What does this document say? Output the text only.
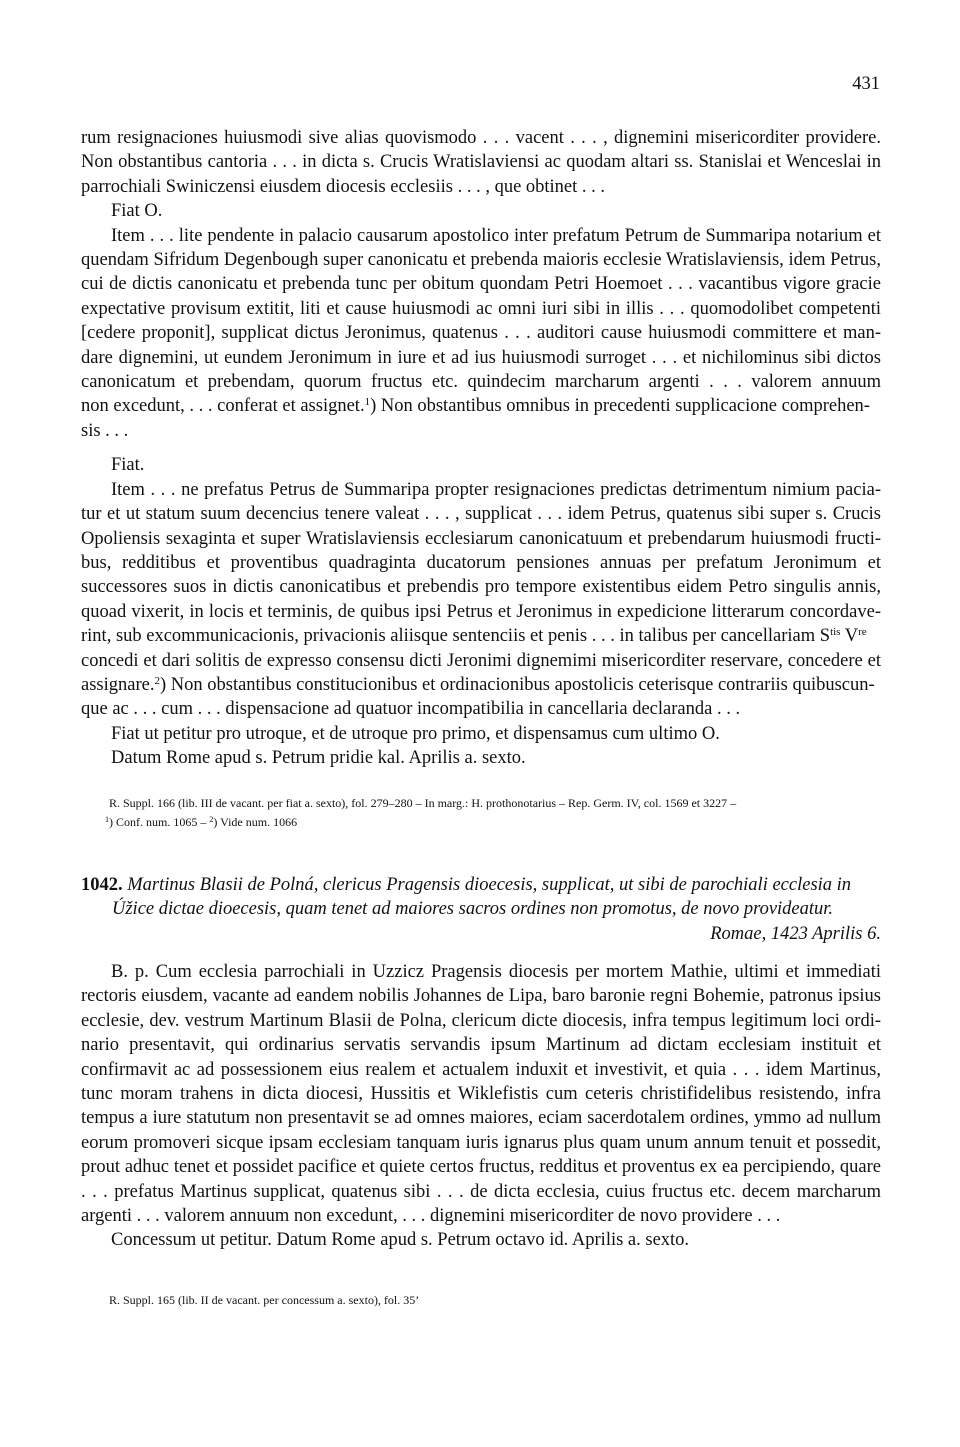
431
rum resignaciones huiusmodi sive alias quovismodo . . . vacent . . . , dignemini misericorditer providere.
Non obstantibus cantoria . . . in dicta s. Crucis Wratislaviensi ac quodam altari ss. Stanislai et Wenceslai in
parrochiali Swiniczensi eiusdem diocesis ecclesiis . . . , que obtinet . . .
Fiat O.
Item . . . lite pendente in palacio causarum apostolico inter prefatum Petrum de Summaripa notarium et
quendam Sifridum Degenbough super canonicatu et prebenda maioris ecclesie Wratislaviensis, idem Petrus,
cui de dictis canonicatu et prebenda tunc per obitum quondam Petri Hoemoet . . . vacantibus vigore gracie
expectative provisum extitit, liti et cause huiusmodi ac omni iuri sibi in illis . . . quomodolibet competenti
[cedere proponit], supplicat dictus Jeronimus, quatenus . . . auditori cause huiusmodi committere et man-
dare dignemini, ut eundem Jeronimum in iure et ad ius huiusmodi surroget . . . et nichilominus sibi dictos
canonicatum et prebendam, quorum fructus etc. quindecim marcharum argenti . . . valorem annuum
non excedunt, . . . conferat et assignet.$^1$) Non obstantibus omnibus in precedenti supplicacione comprehen-
sis . . .
Fiat.
Item . . . ne prefatus Petrus de Summaripa propter resignaciones predictas detrimentum nimium pacia-
tur et ut statum suum decencius tenere valeat . . . , supplicat . . . idem Petrus, quatenus sibi super s. Crucis
Opoliensis sexaginta et super Wratislaviensis ecclesiarum canonicatuum et prebendarum huiusmodi fructi-
bus, redditibus et proventibus quadraginta ducatorum pensiones annuas per prefatum Jeronimum et
successores suos in dictis canonicatibus et prebendis pro tempore existentibus eidem Petro singulis annis,
quoad vixerit, in locis et terminis, de quibus ipsi Petrus et Jeronimus in expedicione litterarum concordave-
rint, sub excommunicacionis, privacionis aliisque sentenciis et penis . . . in talibus per cancellariam $S^{tis}$ Vre
concedi et dari solitis de expresso consensu dicti Jeronimi dignemimi misericorditer reservare, concedere et
assignare.$^2$) Non obstantibus constitucionibus et ordinacionibus apostolicis ceterisque contrariis quibuscun-
que ac . . . cum . . . dispensacione ad quatuor incompatibilia in cancellaria declaranda . . .
Fiat ut petitur pro utroque, et de utroque pro primo, et dispensamus cum ultimo O.
Datum Rome apud s. Petrum pridie kal. Aprilis a. sexto.
R. Suppl. 166 (lib. III de vacant. per fiat a. sexto), fol. 279–280 – In marg.: H. prothonotarius – Rep. Germ. IV, col. 1569 et 3227 –
$^1$) Conf. num. 1065 – $^2$) Vide num. 1066
1042. Martinus Blasii de Polná, clericus Pragensis dioecesis, supplicat, ut sibi de parochiali ecclesia in
Úžice dictae dioecesis, quam tenet ad maiores sacros ordines non promotus, de novo provideatur.
Romae, 1423 Aprilis 6.
B. p. Cum ecclesia parrochiali in Uzzicz Pragensis diocesis per mortem Mathie, ultimi et immediati
rectoris eiusdem, vacante ad eandem nobilis Johannes de Lipa, baro baronie regni Bohemie, patronus ipsius
ecclesie, dev. vestrum Martinum Blasii de Polna, clericum dicte diocesis, infra tempus legitimum loci ordi-
nario presentavit, qui ordinarius servatis servandis ipsum Martinum ad dictam ecclesiam instituit et
confirmavit ac ad possessionem eius realem et actualem induxit et investivit, et quia . . . idem Martinus,
tunc moram trahens in dicta diocesi, Hussitis et Wiklefistis cum ceteris christifidelibus resistendo, infra
tempus a iure statutum non presentavit se ad omnes maiores, eciam sacerdotalem ordines, ymmo ad nullum
eorum promoveri sicque ipsam ecclesiam tanquam iuris ignarus plus quam unum annum tenuit et possedit,
prout adhuc tenet et possidet pacifice et quiete certos fructus, redditus et proventus ex ea percipiendo, quare
. . . prefatus Martinus supplicat, quatenus sibi . . . de dicta ecclesia, cuius fructus etc. decem marcharum
argenti . . . valorem annuum non excedunt, . . . dignemini misericorditer de novo providere . . .
Concessum ut petitur. Datum Rome apud s. Petrum octavo id. Aprilis a. sexto.
R. Suppl. 165 (lib. II de vacant. per concessum a. sexto), fol. 35’
